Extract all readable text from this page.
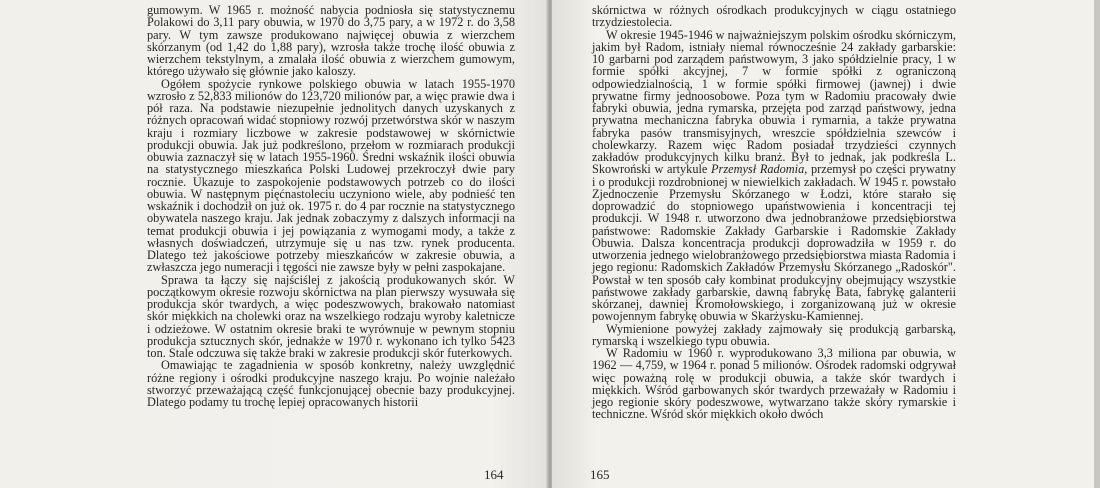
gumowym. W 1965 r. możność nabycia podniosła się statystycznemu Polakowi do 3,11 pary obuwia, w 1970 do 3,75 pary, a w 1972 r. do 3,58 pary. W tym zawsze produkowano najwięcej obuwia z wierzchem skórzanym (od 1,42 do 1,88 pary), wzrosła także trochę ilość obuwia z wierzchem tekstylnym, a zmalała ilość obuwia z wierzchem gumowym, którego używało się głównie jako kaloszy.

Ogółem spożycie rynkowe polskiego obuwia w latach 1955-1970 wzrosło z 52,833 milionów do 123,720 milionów par, a więc prawie dwa i pół raza. Na podstawie niezupełnie jednolitych danych uzyskanych z różnych opracowań widać stopniowy rozwój przetwórstwa skór w naszym kraju i rozmiary liczbowe w zakresie podstawowej w skórnictwie produkcji obuwia. Jak już podkreślono, przełom w rozmiarach produkcji obuwia zaznaczył się w latach 1955-1960. Średni wskaźnik ilości obuwia na statystycznego mieszkańca Polski Ludowej przekroczył dwie pary rocznie. Ukazuje to zaspokojenie podstawowych potrzeb co do ilości obuwia. W następnym pięćnastoleciu uczyniono wiele, aby podnieść ten wskaźnik i dochodził on już ok. 1975 r. do 4 par rocznie na statystycznego obywatela naszego kraju. Jak jednak zobaczymy z dalszych informacji na temat produkcji obuwia i jej powiązania z wymogami mody, a także z własnych doświadczeń, utrzymuje się u nas tzw. rynek producenta. Dlatego też jakościowe potrzeby mieszkańców w zakresie obuwia, a zwłaszcza jego numeracji i tęgości nie zawsze były w pełni zaspokajane.

Sprawa ta łączy się najściślej z jakością produkowanych skór. W początkowym okresie rozwoju skórnictwa na plan pierwszy wysuwała się produkcja skór twardych, a więc podeszwowych, brakowało natomiast skór miękkich na cholewki oraz na wszelkiego rodzaju wyroby kaletnicze i odzieżowe. W ostatnim okresie braki te wyrównuje w pewnym stopniu produkcja sztucznych skór, jednakże w 1970 r. wykonano ich tylko 5423 ton. Stale odczuwa się także braki w zakresie produkcji skór futerkowych.

Omawiając te zagadnienia w sposób konkretny, należy uwzględnić różne regiony i ośrodki produkcyjne naszego kraju. Po wojnie należało stworzyć przeważającą część funkcjonującej obecnie bazy produkcyjnej. Dlatego podamy tu trochę lepiej opracowanych historii

164

skórnictwa w różnych ośrodkach produkcyjnych w ciągu ostatniego trzydziestolecia.

W okresie 1945-1946 w najważniejszym polskim ośrodku skórniczym, jakim był Radom, istniały niemal równocześnie 24 zakłady garbarskie: 10 garbarni pod zarządem państwowym, 3 jako spółdzielnie pracy, 1 w formie spółki akcyjnej, 7 w formie spółki z ograniczoną odpowiedzialnością, 1 w formie spółki firmowej (jawnej) i dwie prywatne firmy jednoosobowe. Poza tym w Radomiu pracowały dwie fabryki obuwia, jedna rymarska, przejęta pod zarząd państwowy, jedna prywatna mechaniczna fabryka obuwia i rymarnia, a także prywatna fabryka pasów transmisyjnych, wreszcie spółdzielnia szewców i cholewkarzy. Razem więc Radom posiadał trzydzieści czynnych zakładów produkcyjnych kilku branż. Był to jednak, jak podkreśla L. Skowroński w artykule Przemysł Radomia, przemysł po części prywatny i o produkcji rozdrobnionej w niewielkich zakładach. W 1945 r. powstało Zjednoczenie Przemysłu Skórzanego w Łodzi, które starało się doprowadzić do stopniowego upaństwowienia i koncentracji tej produkcji. W 1948 r. utworzono dwa jednobranżowe przedsiębiorstwa państwowe: Radomskie Zakłady Garbarskie i Radomskie Zakłady Obuwia. Dalsza koncentracja produkcji doprowadziła w 1959 r. do utworzenia jednego wielobranżowego przedsiębiorstwa miasta Radomia i jego regionu: Radomskich Zakładów Przemysłu Skórzanego „Radoskór". Powstał w ten sposób cały kombinat produkcyjny obejmujący wszystkie państwowe zakłady garbarskie, dawną fabrykę Bata, fabrykę galanterii skórzanej, dawniej Kromołowskiego, i zorganizowaną już w okresie powojennym fabrykę obuwia w Skarżysku-Kamiennej.

Wymienione powyżej zakłady zajmowały się produkcją garbarską, rymarską i wszelkiego typu obuwia.

W Radomiu w 1960 r. wyprodukowano 3,3 miliona par obuwia, w 1962 — 4,759, w 1964 r. ponad 5 milionów. Ośrodek radomski odgrywał więc poważną rolę w produkcji obuwia, a także skór twardych i miękkich. Wśród garbowanych skór twardych przeważały w Radomiu i jego regionie skóry podeszwowe, wytwarzano także skóry rymarskie i techniczne. Wśród skór miękkich około dwóch

165
